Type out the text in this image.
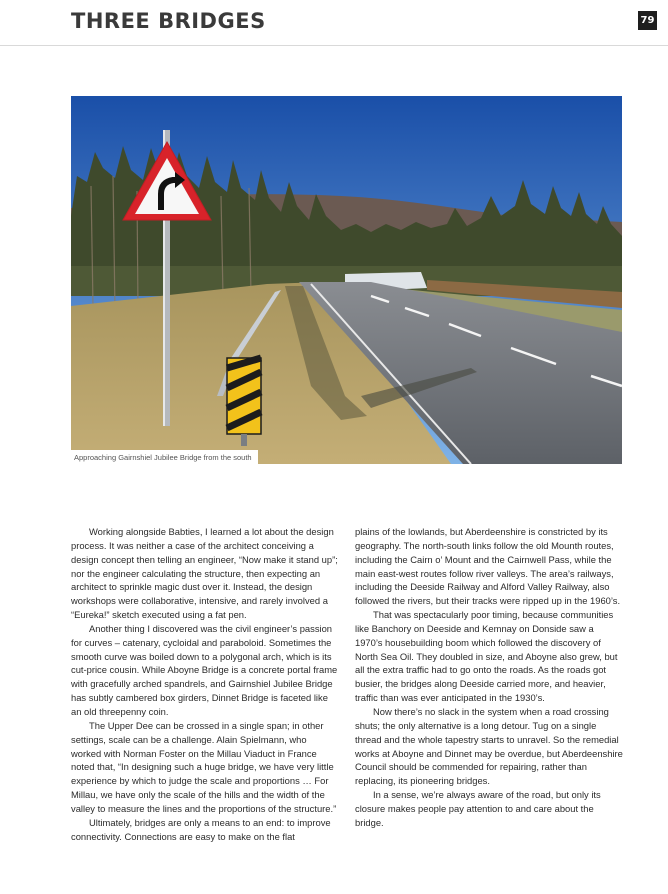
THREE BRIDGES	79
Approaching Gairnshiel Jubilee Bridge from the south

Working alongside Babties, I learned a lot about the design process. It was neither a case of the architect conceiving a design concept then telling an engineer, “Now make it stand up”; nor the engineer calculating the structure, then expecting an architect to sprinkle magic dust over it. Instead, the design workshops were collaborative, intensive, and rarely involved a “Eureka!” sketch executed using a fat pen.

Another thing I discovered was the civil engineer’s passion for curves – catenary, cycloidal and paraboloid. Sometimes the smooth curve was boiled down to a polygonal arch, which is its cut-price cousin. While Aboyne Bridge is a concrete portal frame with gracefully arched spandrels, and Gairnshiel Jubilee Bridge has subtly cambered box girders, Dinnet Bridge is faceted like an old threepenny coin.

The Upper Dee can be crossed in a single span; in other settings, scale can be a challenge. Alain Spielmann, who worked with Norman Foster on the Millau Viaduct in France noted that, “In designing such a huge bridge, we have very little experience by which to judge the scale and proportions … For Millau, we have only the scale of the hills and the width of the valley to measure the lines and the proportions of the structure.”

Ultimately, bridges are only a means to an end: to improve connectivity. Connections are easy to make on the flat

plains of the lowlands, but Aberdeenshire is constricted by its geography. The north-south links follow the old Mounth routes, including the Cairn o’ Mount and the Cairnwell Pass, while the main east-west routes follow river valleys. The area’s railways, including the Deeside Railway and Alford Valley Railway, also followed the rivers, but their tracks were ripped up in the 1960’s.

That was spectacularly poor timing, because communities like Banchory on Deeside and Kemnay on Donside saw a 1970’s housebuilding boom which followed the discovery of North Sea Oil. They doubled in size, and Aboyne also grew, but all the extra traffic had to go onto the roads. As the roads got busier, the bridges along Deeside carried more, and heavier, traffic than was ever anticipated in the 1930’s.

Now there’s no slack in the system when a road crossing shuts; the only alternative is a long detour. Tug on a single thread and the whole tapestry starts to unravel. So the remedial works at Aboyne and Dinnet may be overdue, but Aberdeenshire Council should be commended for repairing, rather than replacing, its pioneering bridges.

In a sense, we’re always aware of the road, but only its closure makes people pay attention to and care about the bridge.
